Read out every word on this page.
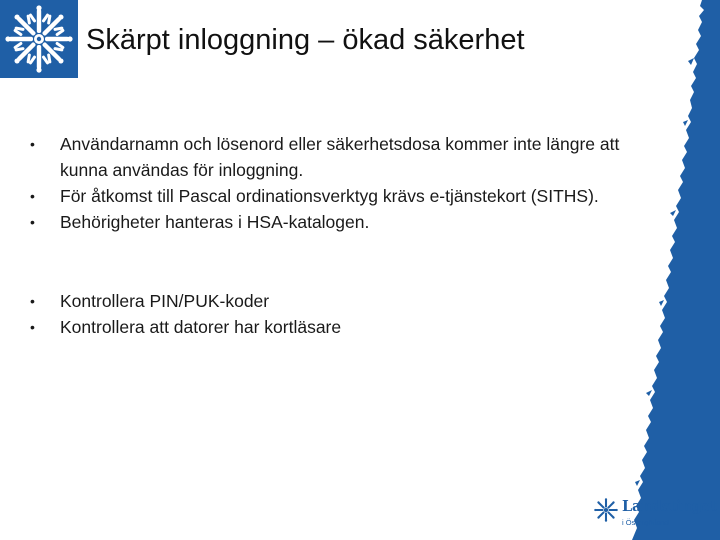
Skärpt inloggning – ökad säkerhet
• Användarnamn och lösenord eller säkerhetsdosa kommer inte längre att kunna användas för inloggning.
• För åtkomst till Pascal ordinationsverktyg krävs e-tjänstekort (SITHS).
• Behörigheter hanteras i HSA-katalogen.
• Kontrollera PIN/PUK-koder
• Kontrollera att datorer har kortläsare
Landstinget
i Östergötland
